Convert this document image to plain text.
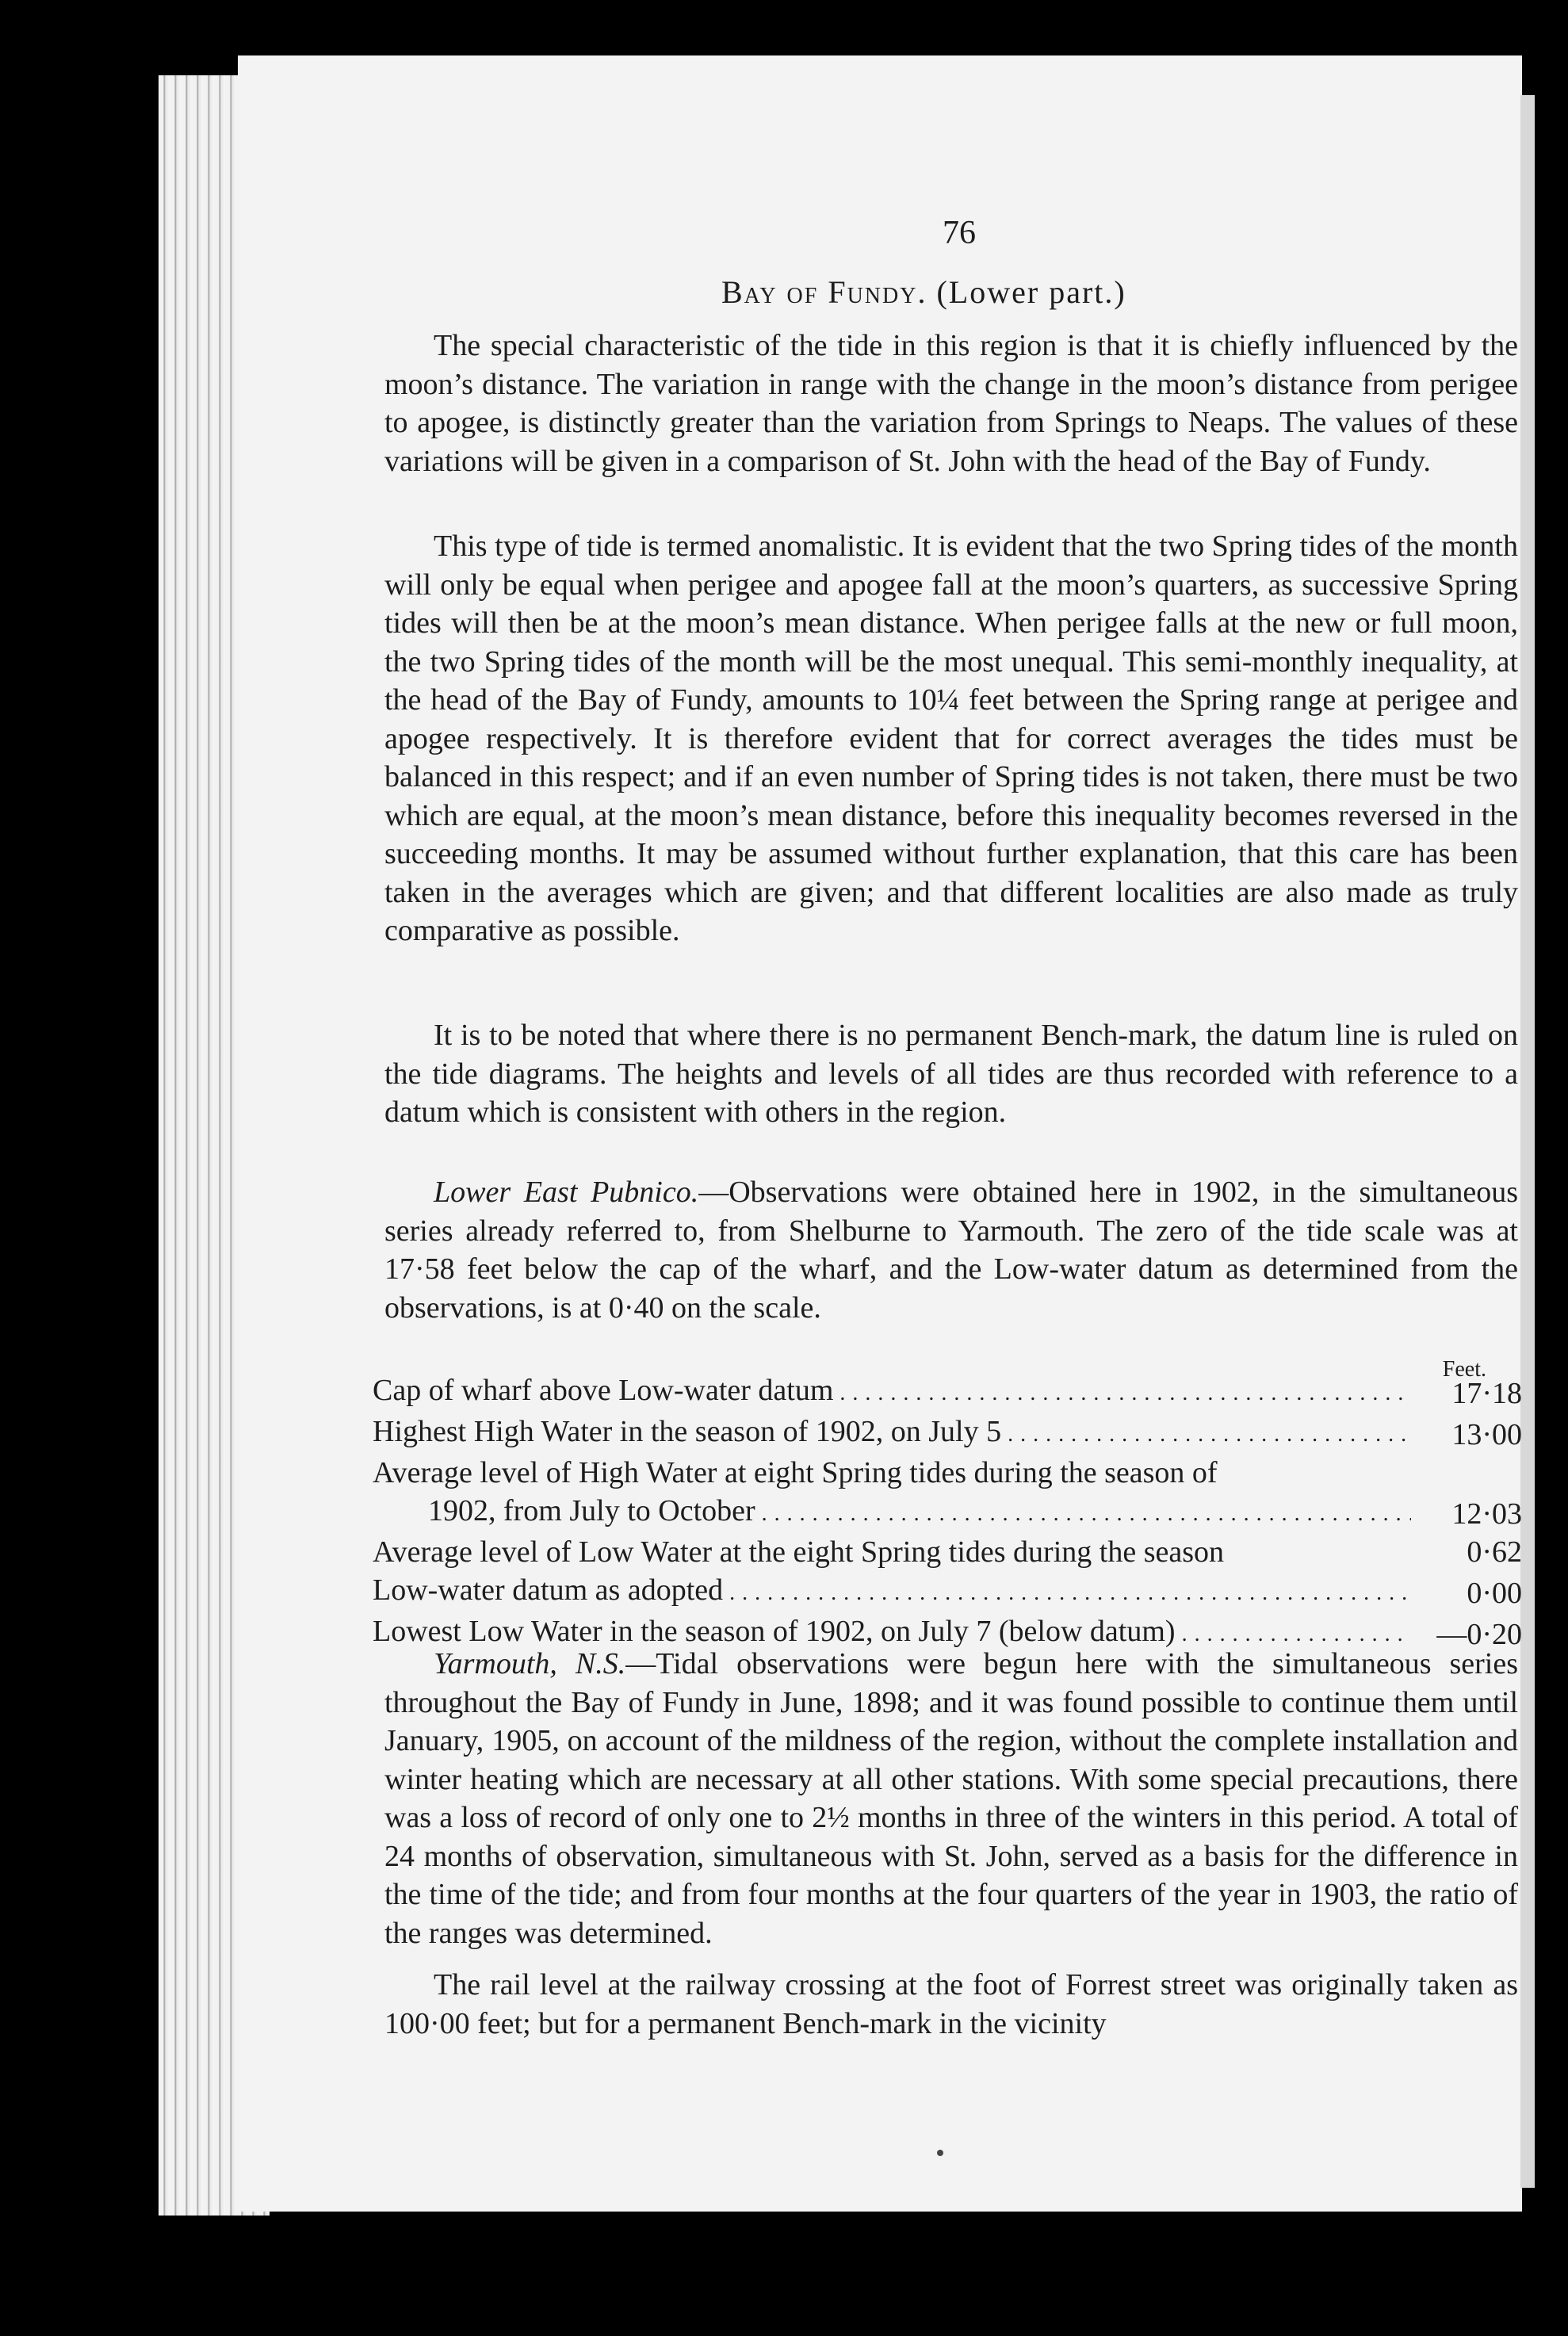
76
Bay of Fundy. (Lower part.)

The special characteristic of the tide in this region is that it is chiefly influenced by the moon’s distance. The variation in range with the change in the moon’s distance from perigee to apogee, is distinctly greater than the variation from Springs to Neaps. The values of these variations will be given in a comparison of St. John with the head of the Bay of Fundy.

This type of tide is termed anomalistic. It is evident that the two Spring tides of the month will only be equal when perigee and apogee fall at the moon’s quarters, as successive Spring tides will then be at the moon’s mean distance. When perigee falls at the new or full moon, the two Spring tides of the month will be the most unequal. This semi-monthly inequality, at the head of the Bay of Fundy, amounts to 10¼ feet between the Spring range at perigee and apogee respectively. It is therefore evident that for correct averages the tides must be balanced in this respect; and if an even number of Spring tides is not taken, there must be two which are equal, at the moon’s mean distance, before this inequality becomes reversed in the succeeding months. It may be assumed without further explanation, that this care has been taken in the averages which are given; and that different localities are also made as truly comparative as possible.

It is to be noted that where there is no permanent Bench-mark, the datum line is ruled on the tide diagrams. The heights and levels of all tides are thus recorded with reference to a datum which is consistent with others in the region.

Lower East Pubnico.—Observations were obtained here in 1902, in the simultaneous series already referred to, from Shelburne to Yarmouth. The zero of the tide scale was at 17·58 feet below the cap of the wharf, and the Low-water datum as determined from the observations, is at 0·40 on the scale.

Feet.
Cap of wharf above Low-water datum . . .	17·18
Highest High Water in the season of 1902, on July 5 . . .	13·00
Average level of High Water at eight Spring tides during the season of
1902, from July to October . . .	12·03
Average level of Low Water at the eight Spring tides during the season	0·62
Low-water datum as adopted . . .	0·00
Lowest Low Water in the season of 1902, on July 7 (below datum) . . .	—0·20

Yarmouth, N.S.—Tidal observations were begun here with the simultaneous series throughout the Bay of Fundy in June, 1898; and it was found possible to continue them until January, 1905, on account of the mildness of the region, without the complete installation and winter heating which are necessary at all other stations. With some special precautions, there was a loss of record of only one to 2½ months in three of the winters in this period. A total of 24 months of observation, simultaneous with St. John, served as a basis for the difference in the time of the tide; and from four months at the four quarters of the year in 1903, the ratio of the ranges was determined.

The rail level at the railway crossing at the foot of Forrest street was originally taken as 100·00 feet; but for a permanent Bench-mark in the vicinity
